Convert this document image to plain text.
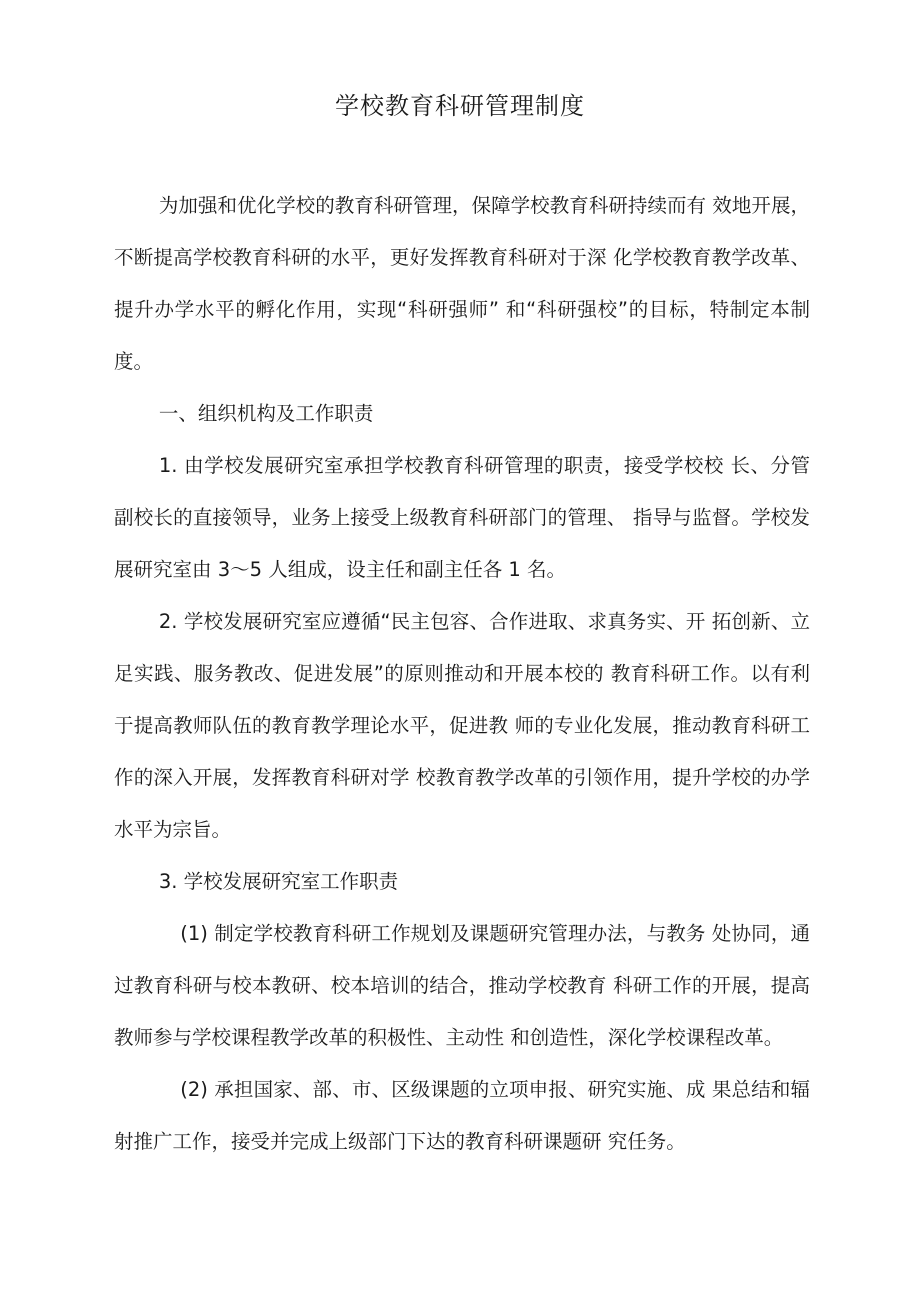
学校教育科研管理制度

为加强和优化学校的教育科研管理，保障学校教育科研持续而有 效地开展，不断提高学校教育科研的水平，更好发挥教育科研对于深 化学校教育教学改革、提升办学水平的孵化作用，实现“科研强师” 和“科研强校”的目标，特制定本制度。

一、组织机构及工作职责

1. 由学校发展研究室承担学校教育科研管理的职责，接受学校校 长、分管副校长的直接领导，业务上接受上级教育科研部门的管理、 指导与监督。学校发展研究室由 3～5 人组成，设主任和副主任各 1 名。

2. 学校发展研究室应遵循“民主包容、合作进取、求真务实、开 拓创新、立足实践、服务教改、促进发展”的原则推动和开展本校的 教育科研工作。以有利于提高教师队伍的教育教学理论水平，促进教 师的专业化发展，推动教育科研工作的深入开展，发挥教育科研对学 校教育教学改革的引领作用，提升学校的办学水平为宗旨。

3. 学校发展研究室工作职责

(1) 制定学校教育科研工作规划及课题研究管理办法，与教务 处协同，通过教育科研与校本教研、校本培训的结合，推动学校教育 科研工作的开展，提高教师参与学校课程教学改革的积极性、主动性 和创造性，深化学校课程改革。

(2) 承担国家、部、市、区级课题的立项申报、研究实施、成 果总结和辐射推广工作，接受并完成上级部门下达的教育科研课题研 究任务。
